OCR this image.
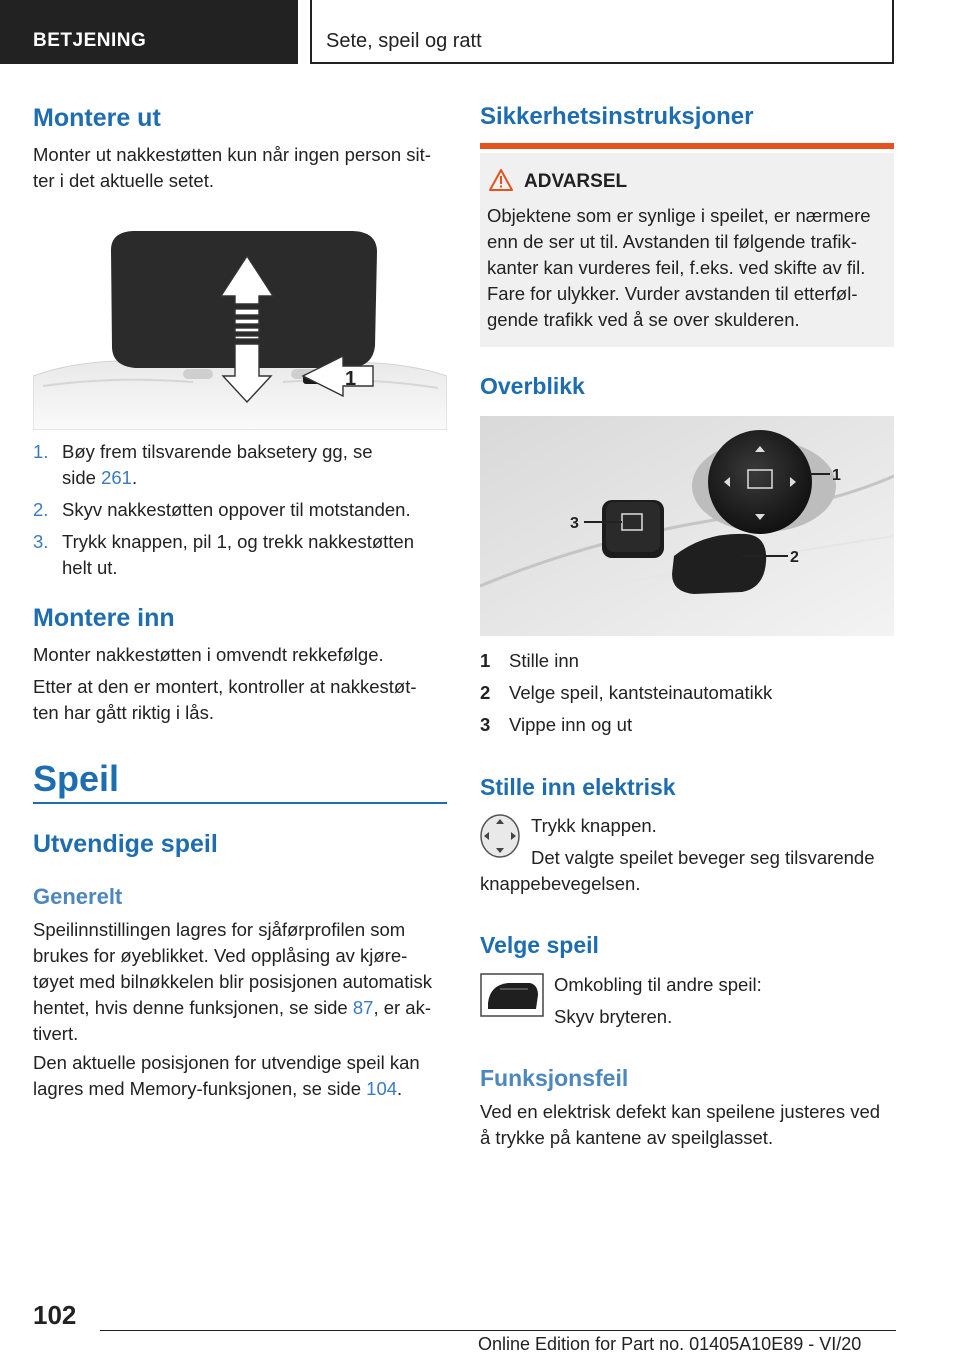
BETJENING	Sete, speil og ratt
Montere ut
Monter ut nakkestøtten kun når ingen person sit-
ter i det aktuelle setet.
1
1. Bøy frem tilsvarende baksetery gg, se
side 261.
2. Skyv nakkestøtten oppover til motstanden.
3. Trykk knappen, pil 1, og trekk nakkestøtten
helt ut.
Montere inn
Monter nakkestøtten i omvendt rekkefølge.
Etter at den er montert, kontroller at nakkestøt-
ten har gått riktig i lås.
Speil
Utvendige speil
Generelt
Speilinnstillingen lagres for sjåførprofilen som
brukes for øyeblikket. Ved opplåsing av kjøre-
tøyet med bilnøkkelen blir posisjonen automatisk
hentet, hvis denne funksjonen, se side 87, er ak-
tivert.
Den aktuelle posisjonen for utvendige speil kan
lagres med Memory-funksjonen, se side 104.
Sikkerhetsinstruksjoner
ADVARSEL
Objektene som er synlige i speilet, er nærmere
enn de ser ut til. Avstanden til følgende trafik-
kanter kan vurderes feil, f.eks. ved skifte av fil.
Fare for ulykker. Vurder avstanden til etterføl-
gende trafikk ved å se over skulderen.
Overblikk
1
2
3
1 Stille inn
2 Velge speil, kantsteinautomatikk
3 Vippe inn og ut
Stille inn elektrisk
Trykk knappen.
Det valgte speilet beveger seg tilsvarende
knappebevegelsen.
Velge speil
Omkobling til andre speil:
Skyv bryteren.
Funksjonsfeil
Ved en elektrisk defekt kan speilene justeres ved
å trykke på kantene av speilglasset.
102
Online Edition for Part no. 01405A10E89 - VI/20
